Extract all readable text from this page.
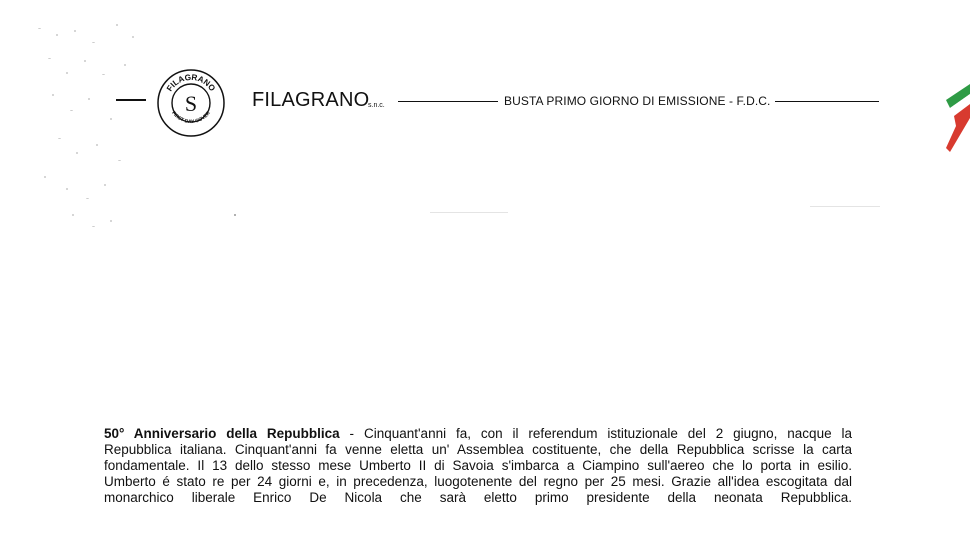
FILAGRANO
S
FIRST DAY COVER
FILAGRANO
s.n.c.	BUSTA PRIMO GIORNO DI EMISSIONE - F.D.C.
50° Anniversario della Repubblica - Cinquant'anni fa, con il referendum istituzionale del 2 giugno, nacque la
Repubblica italiana. Cinquant'anni fa venne eletta un' Assemblea costituente, che della Repubblica scrisse la carta
fondamentale. Il 13 dello stesso mese Umberto II di Savoia s'imbarca a Ciampino sull'aereo che lo porta in esilio.
Umberto é stato re per 24 giorni e, in precedenza, luogotenente del regno per 25 mesi. Grazie all'idea escogitata dal
monarchico liberale Enrico De Nicola che sarà eletto primo presidente della neonata Repubblica.
